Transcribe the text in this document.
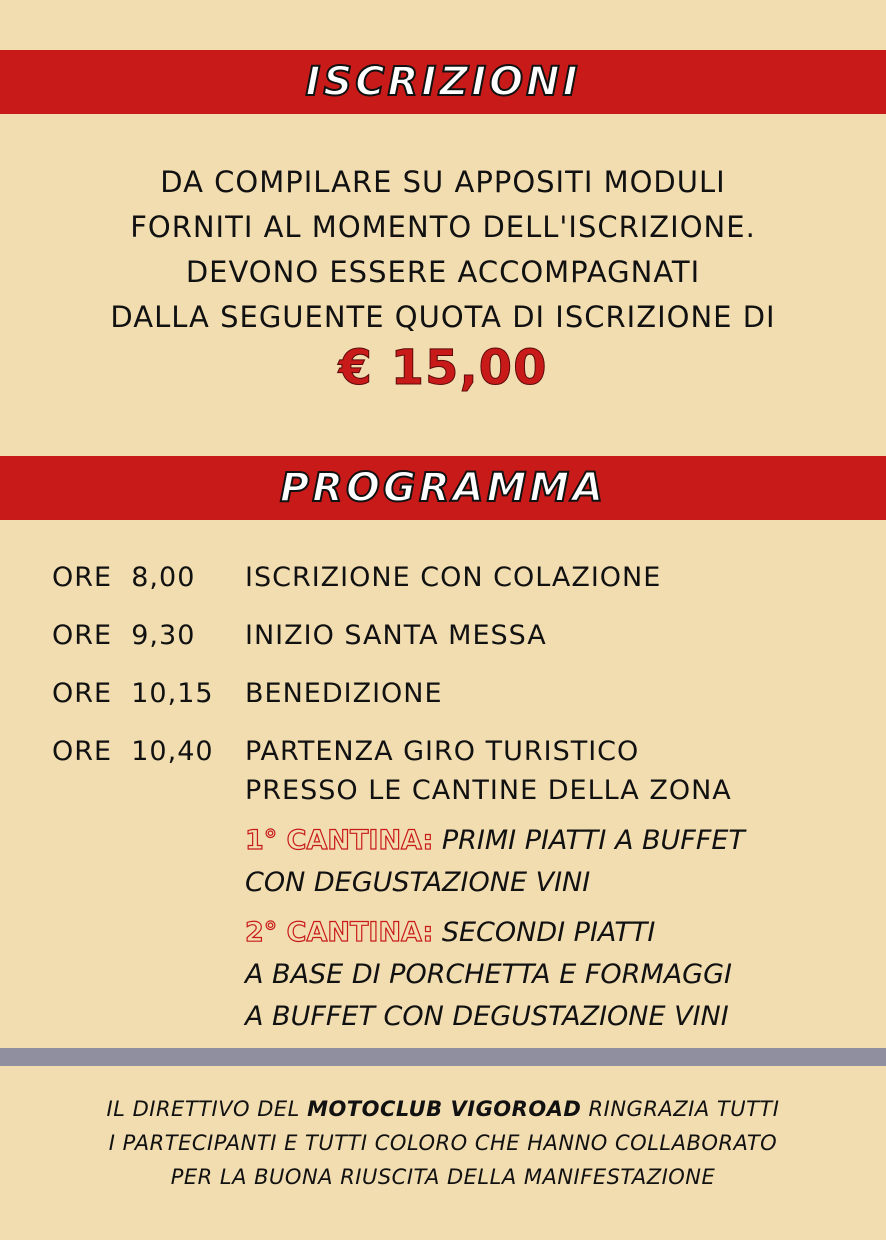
ISCRIZIONI
DA COMPILARE SU APPOSITI MODULI
FORNITI AL MOMENTO DELL'ISCRIZIONE.
DEVONO ESSERE ACCOMPAGNATI
DALLA SEGUENTE QUOTA DI ISCRIZIONE DI
€ 15,00
PROGRAMMA
ORE 8,00	ISCRIZIONE CON COLAZIONE
ORE 9,30	INIZIO SANTA MESSA
ORE 10,15	BENEDIZIONE
ORE 10,40	PARTENZA GIRO TURISTICO
PRESSO LE CANTINE DELLA ZONA
1° CANTINA: PRIMI PIATTI A BUFFET
CON DEGUSTAZIONE VINI
2° CANTINA: SECONDI PIATTI
A BASE DI PORCHETTA E FORMAGGI
A BUFFET CON DEGUSTAZIONE VINI
IL DIRETTIVO DEL MOTOCLUB VIGOROAD RINGRAZIA TUTTI
I PARTECIPANTI E TUTTI COLORO CHE HANNO COLLABORATO
PER LA BUONA RIUSCITA DELLA MANIFESTAZIONE
